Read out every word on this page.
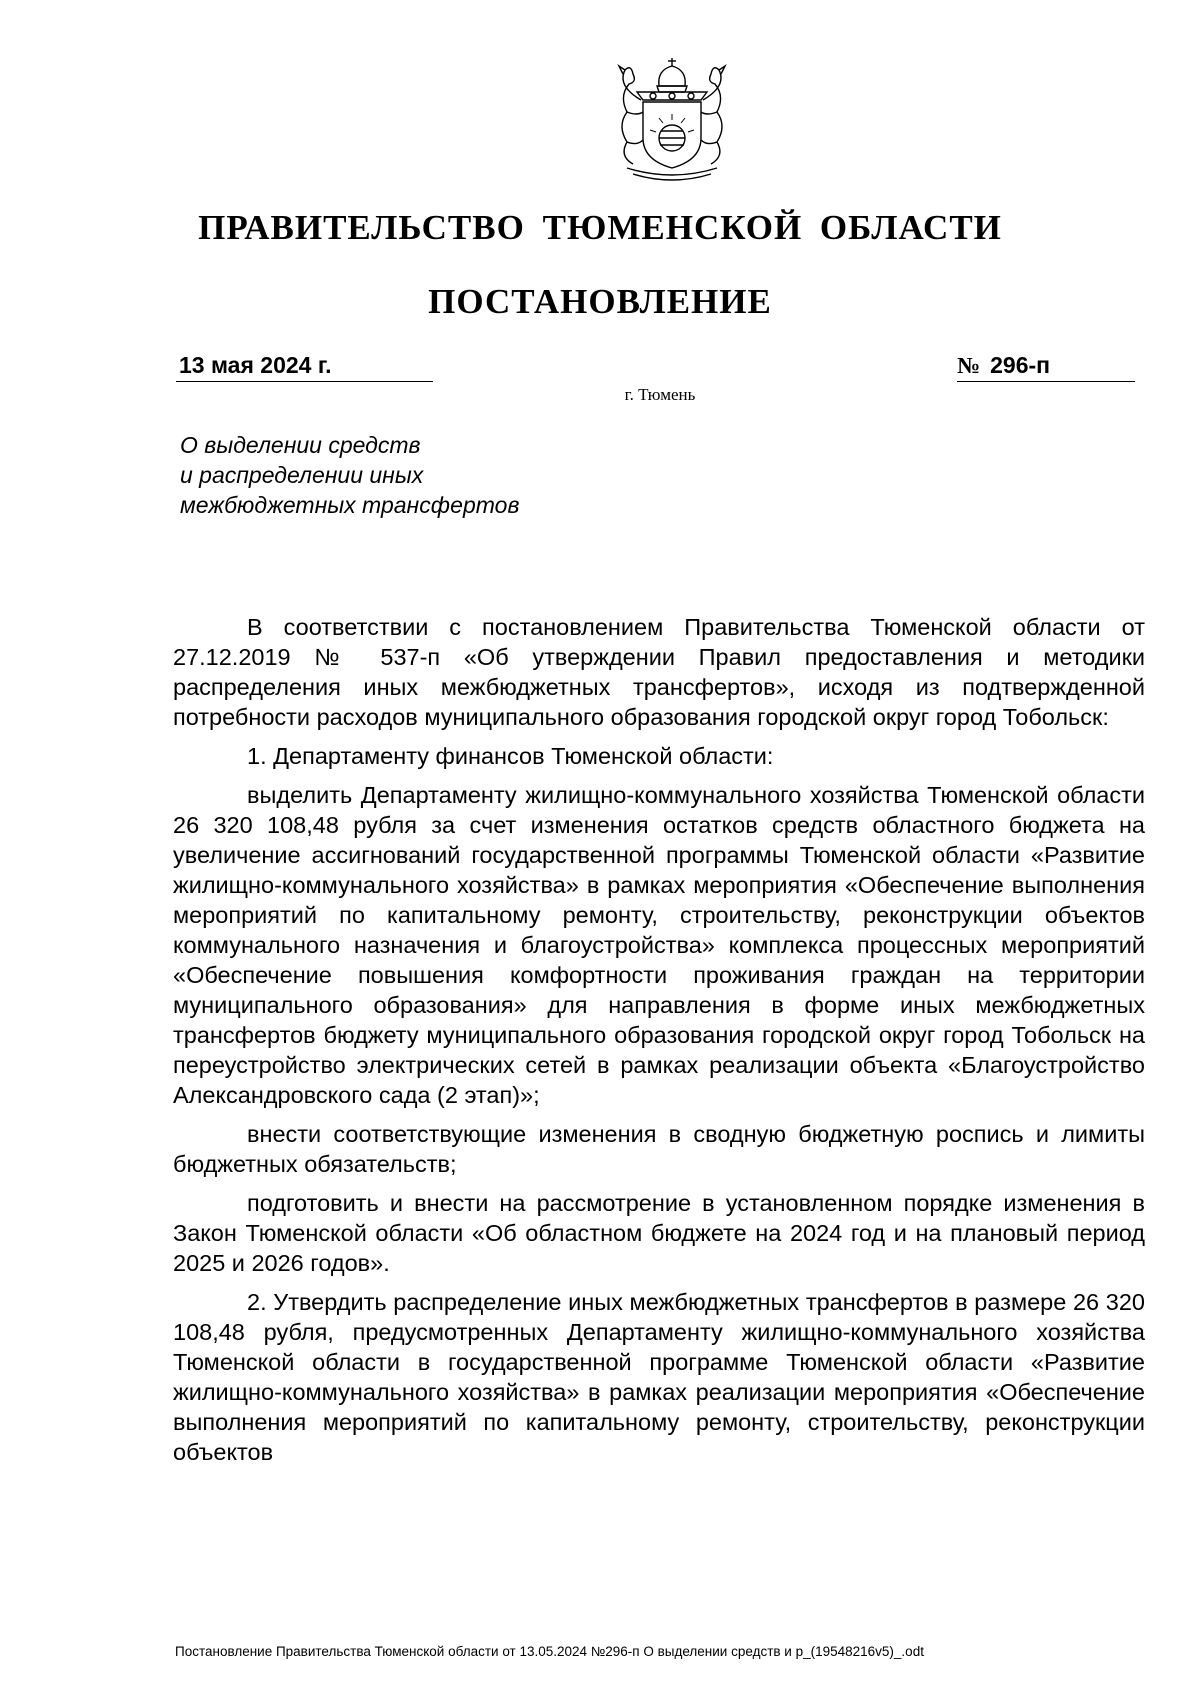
ПРАВИТЕЛЬСТВО ТЮМЕНСКОЙ ОБЛАСТИ
ПОСТАНОВЛЕНИЕ
13 мая 2024 г.	№ 296-п
г. Тюмень
О выделении средств
и распределении иных
межбюджетных трансфертов

В соответствии с постановлением Правительства Тюменской области от 27.12.2019 № 537-п «Об утверждении Правил предоставления и методики распределения иных межбюджетных трансфертов», исходя из подтвержденной потребности расходов муниципального образования городской округ город Тобольск:

1. Департаменту финансов Тюменской области:

выделить Департаменту жилищно-коммунального хозяйства Тюменской области 26 320 108,48 рубля за счет изменения остатков средств областного бюджета на увеличение ассигнований государственной программы Тюменской области «Развитие жилищно-коммунального хозяйства» в рамках мероприятия «Обеспечение выполнения мероприятий по капитальному ремонту, строительству, реконструкции объектов коммунального назначения и благоустройства» комплекса процессных мероприятий «Обеспечение повышения комфортности проживания граждан на территории муниципального образования» для направления в форме иных межбюджетных трансфертов бюджету муниципального образования городской округ город Тобольск на переустройство электрических сетей в рамках реализации объекта «Благоустройство Александровского сада (2 этап)»;

внести соответствующие изменения в сводную бюджетную роспись и лимиты бюджетных обязательств;

подготовить и внести на рассмотрение в установленном порядке изменения в Закон Тюменской области «Об областном бюджете на 2024 год и на плановый период 2025 и 2026 годов».

2. Утвердить распределение иных межбюджетных трансфертов в размере 26 320 108,48 рубля, предусмотренных Департаменту жилищно-коммунального хозяйства Тюменской области в государственной программе Тюменской области «Развитие жилищно-коммунального хозяйства» в рамках реализации мероприятия «Обеспечение выполнения мероприятий по капитальному ремонту, строительству, реконструкции объектов

Постановление Правительства Тюменской области от 13.05.2024 №296-п О выделении средств и р_(19548216v5)_.odt
